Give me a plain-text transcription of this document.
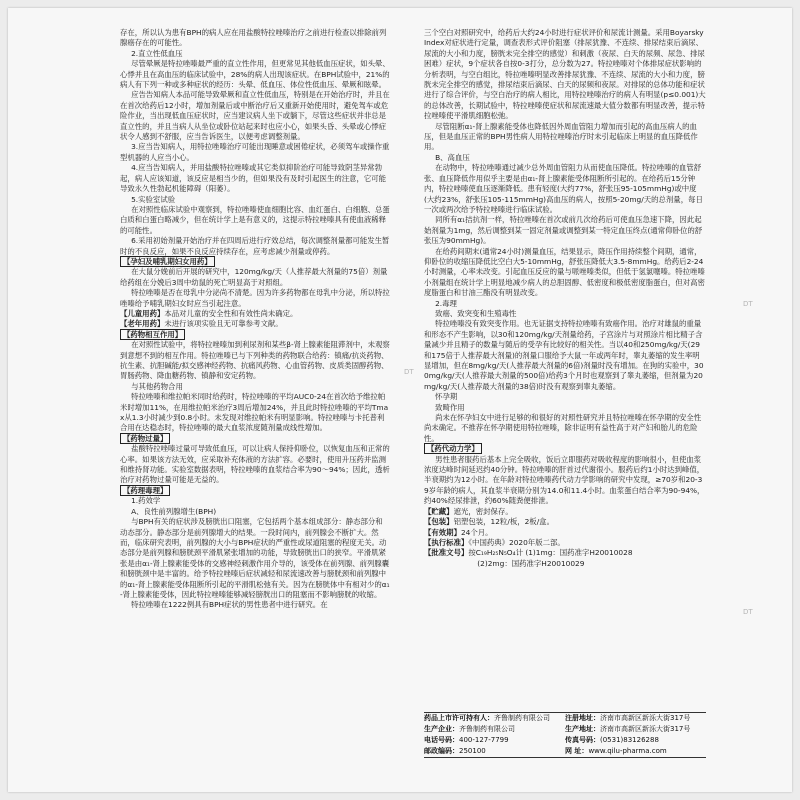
存在，所以认为患有BPH的病人应在用盐酸特拉唑嗪治疗之前进行检查以排除前列腺癌存在的可能性。

2.直立性低血压

尽管晕厥是特拉唑嗪最严重的直立性作用，但更常见其他低血压症状，如头晕、心悸并且在高血压的临床试验中，28%的病人出现该症状。在BPH试验中，21%的病人有下列一种或多种症状的经历：头晕、低血压、体位性低血压、晕厥和眩晕。

应告告知病人本品可能导致晕厥和直立性低血压，特别是在开始治疗时，并且在在首次给药后12小时，增加剂量后或中断治疗后又重新开始使用时，避免驾车或危险作业，当出现低血压症状时，应当建议病人坐下或躺下，尽管这些症状并非总是直立性的，并且当病人从坐位或卧位站起来时也应小心，如果头昏、头晕或心悸症状令人感到不舒服，应当告诉医生，以便考虑调整剂量。

3.应当告知病人，用特拉唑嗪治疗可能出现睡意或困倦症状，必须驾车或操作重型机器的人应当小心。

4.应当告知病人，并用盐酸特拉唑嗪或其它类似抑阶治疗可能导致阴茎异常勃起，病人应该知道，该反应是相当少的，但如果没有及时引起医生的注意，它可能导致永久性勃起机能障碍（阳萎）。

5.实验室试验

在对照性临床试验中观察到，特拉唑嗪使血细胞比容、血红蛋白、白细胞、总蛋白质和白蛋白略减少，但在统计学上是有意义的，这提示特拉唑嗪具有使血液稀释的可能性。

6.采用初始剂量开始治疗并在四周后进行疗效总结，每次调整剂量都可能发生暂时的不良反应，如果不良反应持续存在，应考虑减少剂量或停药。

【孕妇及哺乳期妇女用药】

在大鼠分娩前后开展的研究中，120mg/kg/天（人推荐最大剂量的75倍）剂量给药组在分娩后3周中幼鼠的死亡明显高于对照组。

特拉唑嗪是否在母乳中分泌尚不清楚。因为许多药物都在母乳中分泌，所以特拉唑嗪给予哺乳期妇女时应当引起注意。

【儿童用药】本品对儿童的安全性和有效性尚未确定。

【老年用药】未进行该项实验且无可靠参考文献。

【药物相互作用】

在对照性试验中，将特拉唑嗪加到利尿剂和某些β-肾上腺素能阻滞剂中，未观察到意想不到的相互作用。特拉唑嗪已与下列种类的药物联合给药：镇痛/抗炎药物、抗生素、抗胆碱能/拟交感神经药物、抗痛风药物、心血管药物、皮质类固醇药物、胃肠药物、降血糖药物、镇静和安定药物。

与其他药物合用

特拉唑嗪和维拉帕米同时给药时，特拉唑嗪的平均AUC0-24在首次给予维拉帕米时增加11%，在用维拉帕米治疗3周后增加24%，并且此时特拉唑嗪的平均Tmax从1.3小时减少到0.8小时。未发现对维拉帕米有明显影响。特拉唑嗪与卡托普利合用在达稳态时，特拉唑嗪的最大血浆浓度随剂量成线性增加。

【药物过量】

盐酸特拉唑嗪过量可导致低血压，可以让病人保持仰卧位，以恢复血压和正常的心率。如果该方法无效，应采取补充体液的方法扩容。必要时，使用升压药并监测和维持肾功能。实验室数据表明，特拉唑嗪的血浆结合率为90～94%；因此，透析治疗对药物过量可能是无益的。

【药理毒理】

1.药效学

A、良性前列腺增生(BPH)

与BPH有关的症状涉及膀胱出口阻塞，它包括两个基本组成部分：静态部分和动态部分。静态部分是前列腺增大的结果。一段时间内，前列腺会不断扩大。然而，临床研究表明，前列腺的大小与BPH症状的严重性或尿道阻塞的程度无关。动态部分是前列腺和膀胱颈平滑肌紧张增加的功能，导致膀胱出口的狭窄。平滑肌紧张是由α₁-肾上腺素能受体的交感神经刺激作用介导的，该受体在前列腺、前列腺囊和膀胱颈中是丰富的。给予特拉唑嗪后症状减轻和尿流速改善与膀胱颈和前列腺中的α₁-肾上腺素能受体阻断所引起的平滑肌松弛有关。因为在膀胱体中有相对少的α₁-肾上腺素能受体，因此特拉唑嗪能够减轻膀胱出口的阻塞而不影响膀胱的收缩。

特拉唑嗪在1222例具有BPH症状的男性患者中进行研究。在

三个空白对照研究中，给药后大约24小时进行症状评价和尿流计测量。采用Boyarsky Index对症状进行定量，调查表形式评价阻塞（排尿犹豫、不连续、排尿结束后滴尿、尿流的大小和力度，膀胱未完全排空的感觉）和刺激（夜尿、白天的尿频、尿急、排尿困难）症状，9个症状各自按0-3打分，总分数为27。特拉唑嗪对个体排尿症状影响的分析表明，与空白组比，特拉唑嗪明显改善排尿犹豫、不连续、尿流的大小和力度，膀胱未完全排空的感觉，排尿结束后滴尿、白天的尿频和夜尿。对排尿的总体功能和症状进行了综合评价，与空白治疗的病人相比，用特拉唑嗪治疗的病人有明显(p≤0.001)大的总体改善，长期试验中，特拉唑嗪使症状和尿流速最大值分数都有明显改善，提示特拉唑嗪使平滑肌细胞松弛。

尽管阻断α₁-肾上腺素能受体也降低因外周血管阻力增加而引起的高血压病人的血压，但是血压正常的BPH男性病人用特拉唑嗪治疗时未引起临床上明显的血压降低作用。

B、高血压

在动物中，特拉唑嗪通过减少总外周血管阻力从而使血压降低。特拉唑嗪的血管舒张、血压降低作用似乎主要是由α₁-肾上腺素能受体阻断所引起的。在给药后15分钟内，特拉唑嗪使血压逐渐降低。患有轻度(大约77%，舒张压95-105mmHg)或中度(大约23%，舒张压105-115mmHg)高血压的病人，按照5-20mg/天的总剂量，每日一次或两次给予特拉唑嗪进行临床试验。

同所有α₁拮抗剂一样，特拉唑嗪在首次或前几次给药后可使血压急速下降，因此起始剂量为1mg，然后调整到某一固定剂量或调整到某一特定血压终点(通常仰卧位的舒张压为90mmHg)。

在给药间期末(通常24小时)测量血压，结果显示，降压作用持续整个间期，通常，仰卧位的收缩压降低比空白大5-10mmHg，舒张压降低大3.5-8mmHg。给药后2-24小时测量，心率未改变。引起血压反应的量与哌唑嗪类似，但低于氢氯噻嗪。特拉唑嗪小剂量组在统计学上明显地减少病人的总胆固醇、低密度和极低密度脂蛋白，但对高密度脂蛋白和甘油三酯没有明显改变。

2.毒理

致癌、致突变和生殖毒性

特拉唑嗪没有致突变作用。也无证据支持特拉唑嗪有致癌作用。治疗对雄鼠的重量和形态不产生影响，以30和120mg/kg/天剂量给药，子宫涂片与对照涂片相比精子含量减少并且精子的数量与随后的受孕有比较好的相关性。当以40和250mg/kg/天(29和175倍于人推荐最大剂量)的剂量口服给予大鼠一年或两年时，睾丸萎缩的发生率明显增加，但在8mg/kg/天(人推荐最大剂量的6倍)剂量时没有增加。在狗的实验中，300mg/kg/天(人推荐最大剂量的500倍)给药3个月时也观察到了睾丸萎缩，但剂量为20mg/kg/天(人推荐最大剂量的38倍)时没有观察到睾丸萎缩。

怀孕期

致畸作用

尚未在怀孕妇女中进行足够的和很好的对照性研究并且特拉唑嗪在怀孕期的安全性尚未确定。不推荐在怀孕期使用特拉唑嗪，除非证明有益性高于对产妇和胎儿的危险性。

【药代动力学】

男性患者服药后基本上完全吸收，饭后立即服药对吸收程度的影响很小，但使血浆浓度达峰时间延迟约40分钟。特拉唑嗪的肝首过代谢很小。服药后约1小时达到峰值，半衰期约为12小时。在年龄对特拉唑嗪药代动力学影响的研究中发现，≥70岁和20-39岁年龄的病人，其血浆半衰期分别为14.0和11.4小时。血浆蛋白结合率为90-94%，约40%经尿排泄，约60%随粪便排泄。

【贮藏】遮光，密封保存。

【包装】铝塑包装，12粒/板，2板/盒。

【有效期】24个月。

【执行标准】《中国药典》2020年版二部。

【批准文号】按C₁₉H₂₅N₅O₄计 (1)1mg：国药准字H20010028

(2)2mg：国药准字H20010029

药品上市许可持有人：齐鲁制药有限公司	注册地址：济南市高新区新泺大街317号
生产企业：齐鲁制药有限公司	生产地址：济南市高新区新泺大街317号
电话号码：400-127-7799	传真号码：(0531)83126288
邮政编码：250100	网 址：www.qilu-pharma.com
DT
DT
DT
